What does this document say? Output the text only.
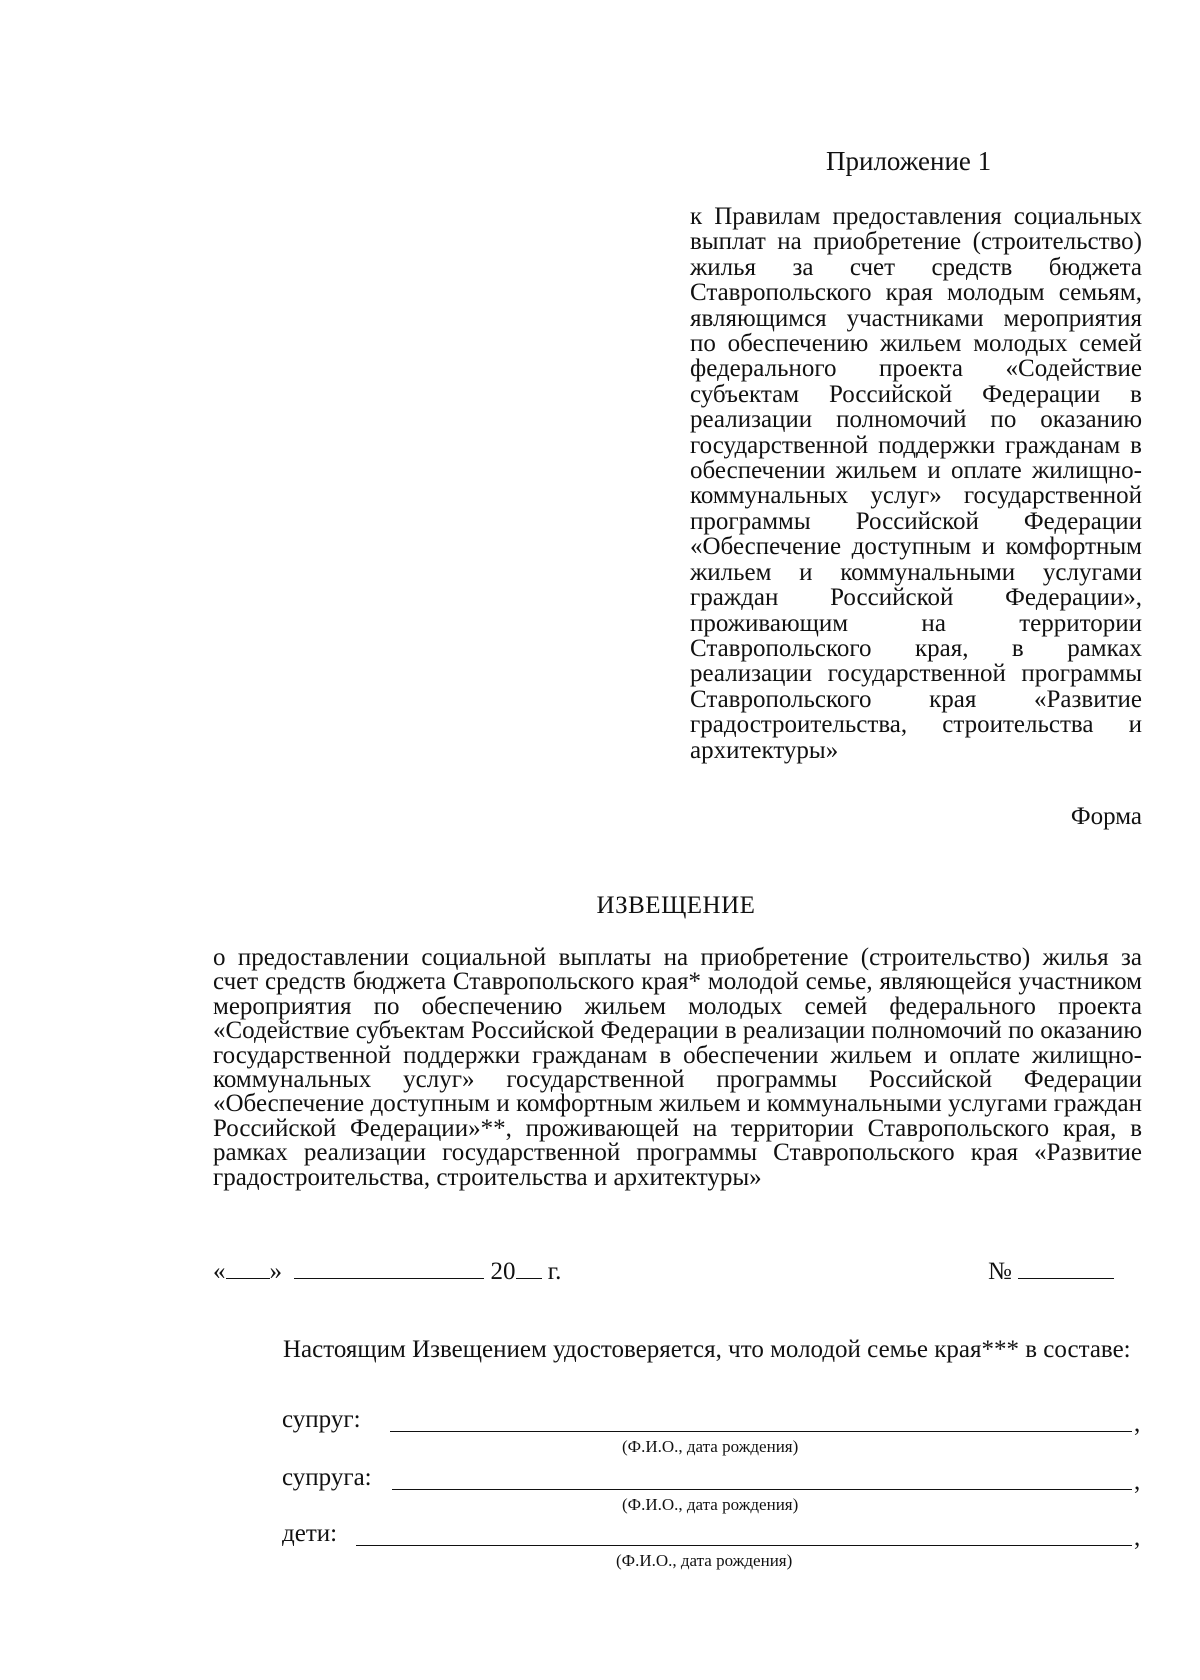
Приложение 1
к Правилам предоставления социальных выплат на приобретение (строительство) жилья за счет средств бюджета Ставропольского края молодым семьям, являющимся участниками мероприятия по обеспечению жильем молодых семей федерального проекта «Содействие субъектам Российской Федерации в реализации полномочий по оказанию государственной поддержки гражданам в обеспечении жильем и оплате жилищно-коммунальных услуг» государственной программы Российской Федерации «Обеспечение доступным и комфортным жильем и коммунальными услугами граждан Российской Федерации», проживающим на территории Ставропольского края, в рамках реализации государственной программы Ставропольского края «Развитие градостроительства, строительства и архитектуры»
Форма
ИЗВЕЩЕНИЕ
о предоставлении социальной выплаты на приобретение (строительство) жилья за счет средств бюджета Ставропольского края* молодой семье, являющейся участником мероприятия по обеспечению жильем молодых семей федерального проекта «Содействие субъектам Российской Федерации в реализации полномочий по оказанию государственной поддержки гражданам в обеспечении жильем и оплате жилищно-коммунальных услуг» государственной программы Российской Федерации «Обеспечение доступным и комфортным жильем и коммунальными услугами граждан Российской Федерации»**, проживающей на территории Ставропольского края, в рамках реализации государственной программы Ставропольского края «Развитие градостроительства, строительства и архитектуры»
« »	20 г.	№

Настоящим Извещением удостоверяется, что молодой семье края*** в составе:

супруг:	,
(Ф.И.О., дата рождения)
супруга:	,
(Ф.И.О., дата рождения)
дети:	,
(Ф.И.О., дата рождения)
